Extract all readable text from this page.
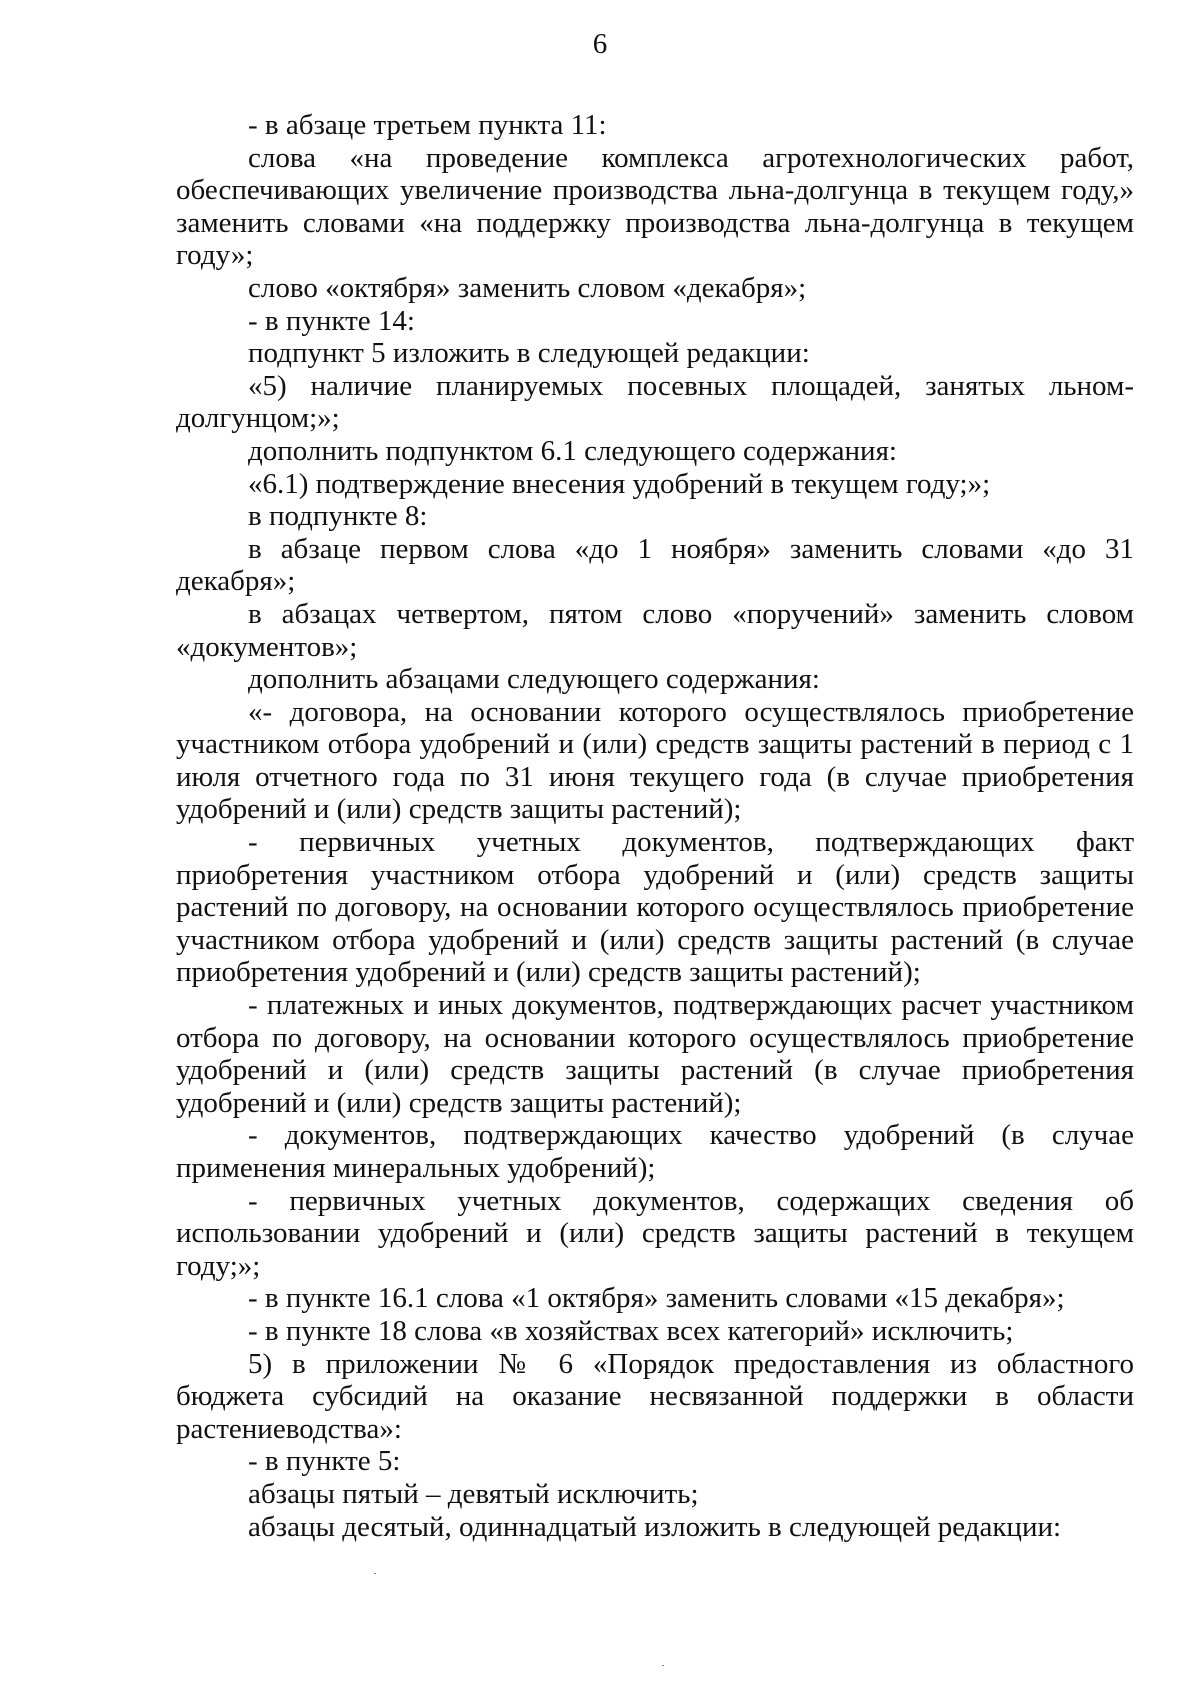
6

- в абзаце третьем пункта 11:

слова «на проведение комплекса агротехнологических работ, обеспечивающих увеличение производства льна-долгунца в текущем году,» заменить словами «на поддержку производства льна-долгунца в текущем году»;

слово «октября» заменить словом «декабря»;

- в пункте 14:

подпункт 5 изложить в следующей редакции:

«5) наличие планируемых посевных площадей, занятых льном-долгунцом;»;

дополнить подпунктом 6.1 следующего содержания:

«6.1) подтверждение внесения удобрений в текущем году;»;

в подпункте 8:

в абзаце первом слова «до 1 ноября» заменить словами «до 31 декабря»;

в абзацах четвертом, пятом слово «поручений» заменить словом «документов»;

дополнить абзацами следующего содержания:

«- договора, на основании которого осуществлялось приобретение участником отбора удобрений и (или) средств защиты растений в период с 1 июля отчетного года по 31 июня текущего года (в случае приобретения удобрений и (или) средств защиты растений);

- первичных учетных документов, подтверждающих факт приобретения участником отбора удобрений и (или) средств защиты растений по договору, на основании которого осуществлялось приобретение участником отбора удобрений и (или) средств защиты растений (в случае приобретения удобрений и (или) средств защиты растений);

- платежных и иных документов, подтверждающих расчет участником отбора по договору, на основании которого осуществлялось приобретение удобрений и (или) средств защиты растений (в случае приобретения удобрений и (или) средств защиты растений);

- документов, подтверждающих качество удобрений (в случае применения минеральных удобрений);

- первичных учетных документов, содержащих сведения об использовании удобрений и (или) средств защиты растений в текущем году;»;

- в пункте 16.1 слова «1 октября» заменить словами «15 декабря»;

- в пункте 18 слова «в хозяйствах всех категорий» исключить;

5) в приложении № 6 «Порядок предоставления из областного бюджета субсидий на оказание несвязанной поддержки в области растениеводства»:

- в пункте 5:

абзацы пятый – девятый исключить;

абзацы десятый, одиннадцатый изложить в следующей редакции:
